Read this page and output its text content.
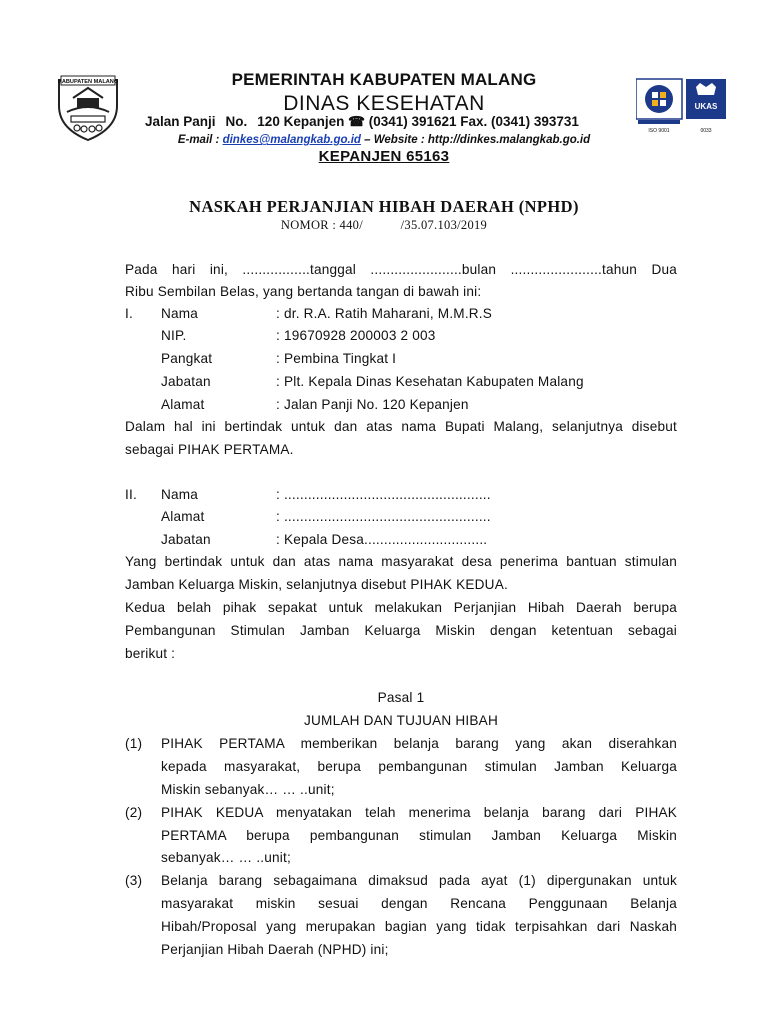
KABUPATEN MALANG	PEMERINTAH KABUPATEN MALANG
DINAS KESEHATAN
Jalan Panji No. 120 Kepanjen ☎ (0341) 391621 Fax. (0341) 393731
E-mail : dinkes@malangkab.go.id – Website : http://dinkes.malangkab.go.id
KEPANJEN 65163
ISO 9001
UKAS
0033
NASKAH PERJANJIAN HIBAH DAERAH (NPHD)
NOMOR : 440/           /35.07.103/2019
Pada hari ini, .................tanggal .......................bulan .......................tahun Dua
Ribu Sembilan Belas, yang bertanda tangan di bawah ini:
I. Nama	: dr. R.A. Ratih Maharani, M.M.R.S
NIP.	: 19670928 200003 2 003
Pangkat	: Pembina Tingkat I
Jabatan	: Plt. Kepala Dinas Kesehatan Kabupaten Malang
Alamat	: Jalan Panji No. 120 Kepanjen
Dalam hal ini bertindak untuk dan atas nama Bupati Malang, selanjutnya disebut
sebagai PIHAK PERTAMA.
II. Nama	: ....................................................
Alamat	: ....................................................
Jabatan	: Kepala Desa...............................
Yang bertindak untuk dan atas nama masyarakat desa penerima bantuan stimulan
Jamban Keluarga Miskin, selanjutnya disebut PIHAK KEDUA.
Kedua belah pihak sepakat untuk melakukan Perjanjian Hibah Daerah berupa
Pembangunan Stimulan Jamban Keluarga Miskin dengan ketentuan sebagai
berikut :
Pasal 1
JUMLAH DAN TUJUAN HIBAH
(1) PIHAK PERTAMA memberikan belanja barang yang akan diserahkan
kepada masyarakat, berupa pembangunan stimulan Jamban Keluarga
Miskin sebanyak… … ..unit;
(2) PIHAK KEDUA menyatakan telah menerima belanja barang dari PIHAK
PERTAMA berupa pembangunan stimulan Jamban Keluarga Miskin
sebanyak… … ..unit;
(3) Belanja barang sebagaimana dimaksud pada ayat (1) dipergunakan untuk
masyarakat miskin sesuai dengan Rencana Penggunaan Belanja
Hibah/Proposal yang merupakan bagian yang tidak terpisahkan dari Naskah
Perjanjian Hibah Daerah (NPHD) ini;
